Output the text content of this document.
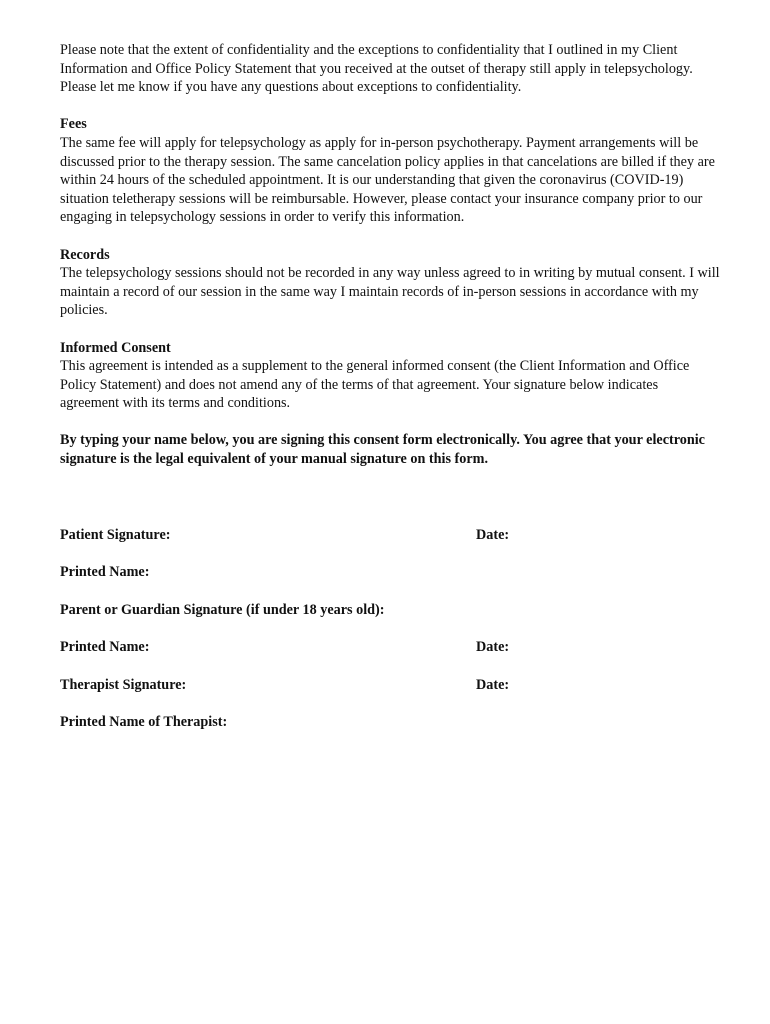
Please note that the extent of confidentiality and the exceptions to confidentiality that I outlined in my Client Information and Office Policy Statement that you received at the outset of therapy still apply in telepsychology. Please let me know if you have any questions about exceptions to confidentiality.

Fees

The same fee will apply for telepsychology as apply for in-person psychotherapy. Payment arrangements will be discussed prior to the therapy session. The same cancelation policy applies in that cancelations are billed if they are within 24 hours of the scheduled appointment. It is our understanding that given the coronavirus (COVID-19) situation teletherapy sessions will be reimbursable. However, please contact your insurance company prior to our engaging in telepsychology sessions in order to verify this information.

Records

The telepsychology sessions should not be recorded in any way unless agreed to in writing by mutual consent. I will maintain a record of our session in the same way I maintain records of in-person sessions in accordance with my policies.

Informed Consent

This agreement is intended as a supplement to the general informed consent (the Client Information and Office Policy Statement) and does not amend any of the terms of that agreement. Your signature below indicates agreement with its terms and conditions.

By typing your name below, you are signing this consent form electronically. You agree that your electronic signature is the legal equivalent of your manual signature on this form.

Patient Signature:	Date:
Printed Name:
Parent or Guardian Signature (if under 18 years old):
Printed Name:	Date:
Therapist Signature:	Date:
Printed Name of Therapist:
